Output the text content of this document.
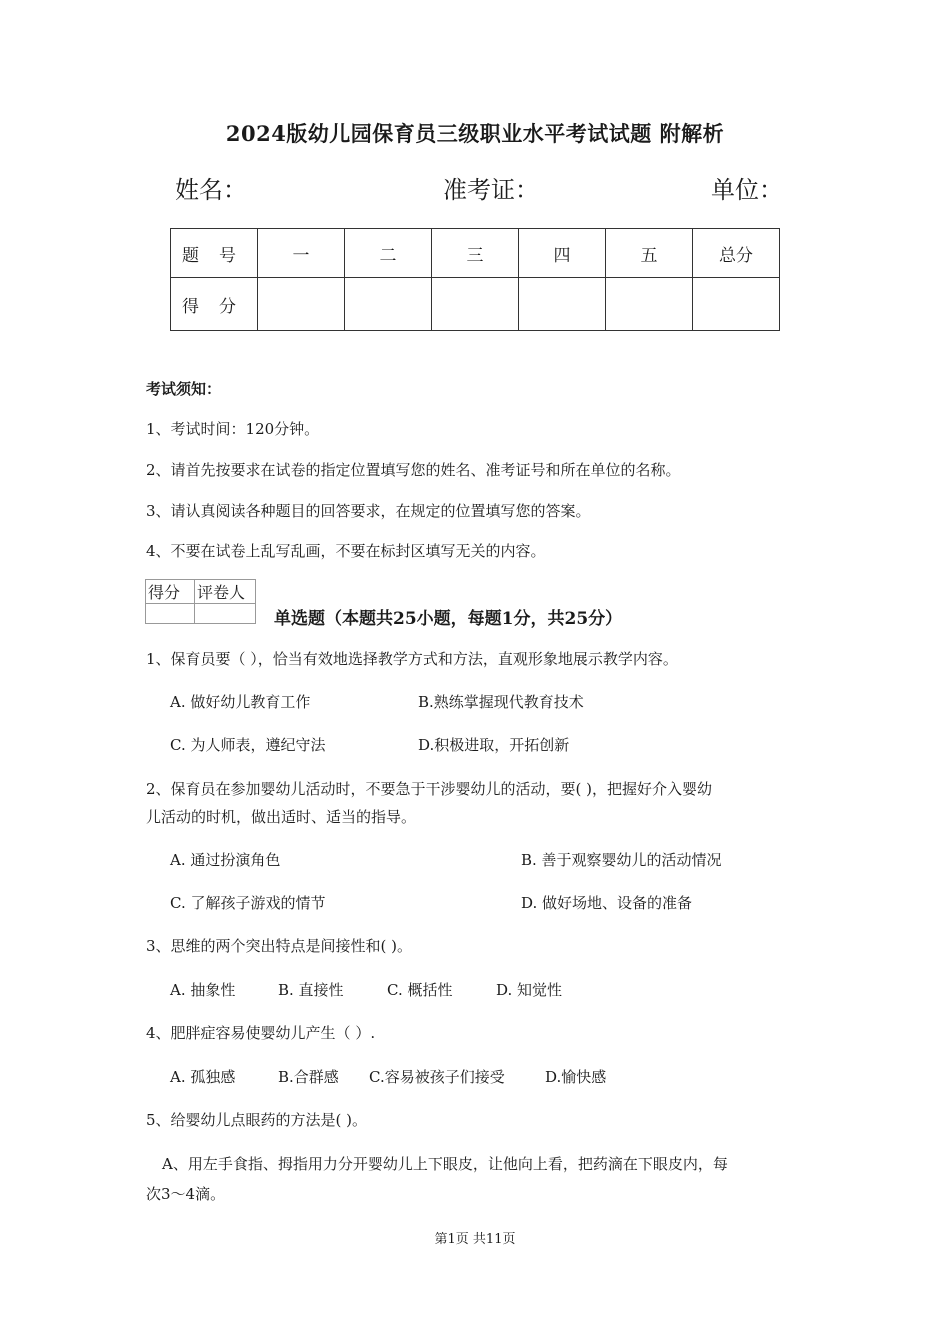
2024版幼儿园保育员三级职业水平考试试题 附解析
姓名：	准考证：	单位：
题号	一	二	三	四	五	总分
得分						
考试须知：
1、考试时间：120分钟。
2、请首先按要求在试卷的指定位置填写您的姓名、准考证号和所在单位的名称。
3、请认真阅读各种题目的回答要求，在规定的位置填写您的答案。
4、不要在试卷上乱写乱画，不要在标封区填写无关的内容。
得分	评卷人

单选题（本题共25小题，每题1分，共25分）
1、保育员要（ ），恰当有效地选择教学方式和方法，直观形象地展示教学内容。
A. 做好幼儿教育工作	B.熟练掌握现代教育技术
C. 为人师表，遵纪守法	D.积极进取，开拓创新
2、保育员在参加婴幼儿活动时，不要急于干涉婴幼儿的活动，要( )，把握好介入婴幼
儿活动的时机，做出适时、适当的指导。
A. 通过扮演角色	B. 善于观察婴幼儿的活动情况
C. 了解孩子游戏的情节	D. 做好场地、设备的准备
3、思维的两个突出特点是间接性和( )。
A. 抽象性	B. 直接性	C. 概括性	D. 知觉性
4、肥胖症容易使婴幼儿产生（ ）.
A. 孤独感	B.合群感 C.容易被孩子们接受	D.愉快感
5、给婴幼儿点眼药的方法是( )。
A、用左手食指、拇指用力分开婴幼儿上下眼皮，让他向上看，把药滴在下眼皮内，每
次3～4滴。
第1页 共11页
